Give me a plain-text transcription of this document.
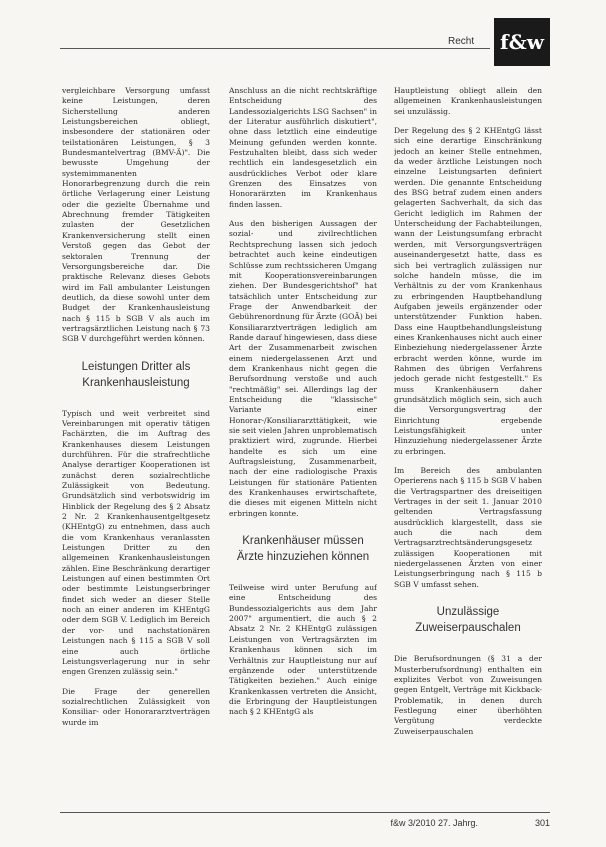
Recht	f&w

vergleichbare Versorgung umfasst keine Leistungen, deren Sicherstellung anderen Leistungsbereichen obliegt, insbesondere der stationären oder teilstationären Leistungen, § 3 Bundesmantelvertrag (BMV-Ä)". Die bewusste Umgehung der systemimmanenten Honorarbegrenzung durch die rein örtliche Verlagerung einer Leistung oder die gezielte Übernahme und Abrechnung fremder Tätigkeiten zulasten der Gesetzlichen Krankenversicherung stellt einen Verstoß gegen das Gebot der sektoralen Trennung der Versorgungsbereiche dar. Die praktische Relevanz dieses Gebots wird im Fall ambulanter Leistungen deutlich, da diese sowohl unter dem Budget der Krankenhausleistung nach § 115 b SGB V als auch im vertragsärztlichen Leistung nach § 73 SGB V durchgeführt werden können.

Leistungen Dritter als Krankenhausleistung

Typisch und weit verbreitet sind Vereinbarungen mit operativ tätigen Fachärzten, die im Auftrag des Krankenhauses diesem Leistungen durchführen. Für die strafrechtliche Analyse derartiger Kooperationen ist zunächst deren sozialrechtliche Zulässigkeit von Bedeutung. Grundsätzlich sind verbotswidrig im Hinblick der Regelung des § 2 Absatz 2 Nr. 2 Krankenhausentgeltgesetz (KHEntgG) zu entnehmen, dass auch die vom Krankenhaus veranlassten Leistungen Dritter zu den allgemeinen Krankenhausleistungen zählen. Eine Beschränkung derartiger Leistungen auf einen bestimmten Ort oder bestimmte Leistungserbringer findet sich weder an dieser Stelle noch an einer anderen im KHEntgG oder dem SGB V. Lediglich im Bereich der vor- und nachstationären Leistungen nach § 115 a SGB V soll eine auch örtliche Leistungsverlagerung nur in sehr engen Grenzen zulässig sein."

Die Frage der generellen sozialrechtlichen Zulässigkeit von Konsiliar- oder Honorararztverträgen wurde im

Anschluss an die nicht rechtskräftige Entscheidung des Landessozialgerichts LSG Sachsen" in der Literatur ausführlich diskutiert", ohne dass letztlich eine eindeutige Meinung gefunden werden konnte. Festzuhalten bleibt, dass sich weder rechtlich ein landesgesetzlich ein ausdrückliches Verbot oder klare Grenzen des Einsatzes von Honorarärzten im Krankenhaus finden lassen.

Aus den bisherigen Aussagen der sozial- und zivilrechtlichen Rechtsprechung lassen sich jedoch betrachtet auch keine eindeutigen Schlüsse zum rechtssicheren Umgang mit Kooperationsvereinbarungen ziehen. Der Bundesgerichtshof" hat tatsächlich unter Entscheidung zur Frage der Anwendbarkeit der Gebührenordnung für Ärzte (GOÄ) bei Konsiliararztverträgen lediglich am Rande darauf hingewiesen, dass diese Art der Zusammenarbeit zwischen einem niedergelassenen Arzt und dem Krankenhaus nicht gegen die Berufsordnung verstoße und auch "rechtmäßig" sei. Allerdings lag der Entscheidung die "klassische" Variante einer Honorar-/Konsiliararzttätigkeit, wie sie seit vielen Jahren unproblematisch praktiziert wird, zugrunde. Hierbei handelte es sich um eine Auftragsleistung, Zusammenarbeit, nach der eine radiologische Praxis Leistungen für stationäre Patienten des Krankenhauses erwirtschaftete, die dieses mit eigenen Mitteln nicht erbringen konnte.

Krankenhäuser müssen Ärzte hinzuziehen können

Teilweise wird unter Berufung auf eine Entscheidung des Bundessozialgerichts aus dem Jahr 2007" argumentiert, die auch § 2 Absatz 2 Nr. 2 KHEntgG zulässigen Leistungen von Vertragsärzten im Krankenhaus können sich im Verhältnis zur Hauptleistung nur auf ergänzende oder unterstützende Tätigkeiten beziehen." Auch einige Krankenkassen vertreten die Ansicht, die Erbringung der Hauptleistungen nach § 2 KHEntgG als

Hauptleistung obliegt allein den allgemeinen Krankenhausleistungen sei unzulässig.

Der Regelung des § 2 KHEntgG lässt sich eine derartige Einschränkung jedoch an keiner Stelle entnehmen, da weder ärztliche Leistungen noch einzelne Leistungsarten definiert werden. Die genannte Entscheidung des BSG betraf zudem einen anders gelagerten Sachverhalt, da sich das Gericht lediglich im Rahmen der Unterscheidung der Fachabteilungen, wann der Leistungsumfang erbracht werden, mit Versorgungsverträgen auseinandergesetzt hatte, dass es sich bei vertraglich zulässigen nur solche handeln müsse, die im Verhältnis zu der vom Krankenhaus zu erbringenden Hauptbehandlung Aufgaben jeweils ergänzender oder unterstützender Funktion haben. Dass eine Hauptbehandlungsleistung eines Krankenhauses nicht auch einer Einbeziehung niedergelassener Ärzte erbracht werden könne, wurde im Rahmen des übrigen Verfahrens jedoch gerade nicht festgestellt." Es muss Krankenhäusern daher grundsätzlich möglich sein, sich auch die Versorgungsvertrag der Einrichtung ergebende Leistungsfähigkeit unter Hinzuziehung niedergelassener Ärzte zu erbringen.

Im Bereich des ambulanten Operierens nach § 115 b SGB V haben die Vertragspartner des dreiseitigen Vertrages in der seit 1. Januar 2010 geltenden Vertragsfassung ausdrücklich klargestellt, dass sie auch die nach dem Vertragsarztrechtsänderungsgesetz zulässigen Kooperationen mit niedergelassenen Ärzten von einer Leistungserbringung nach § 115 b SGB V umfasst sehen.

Unzulässige Zuweiserpauschalen

Die Berufsordnungen (§ 31 a der Musterberufsordnung) enthalten ein explizites Verbot von Zuweisungen gegen Entgelt, Verträge mit Kickback-Problematik, in denen durch Festlegung einer überhöhten Vergütung verdeckte Zuweiserpauschalen

f&w 3/2010 27. Jahrg.	301
